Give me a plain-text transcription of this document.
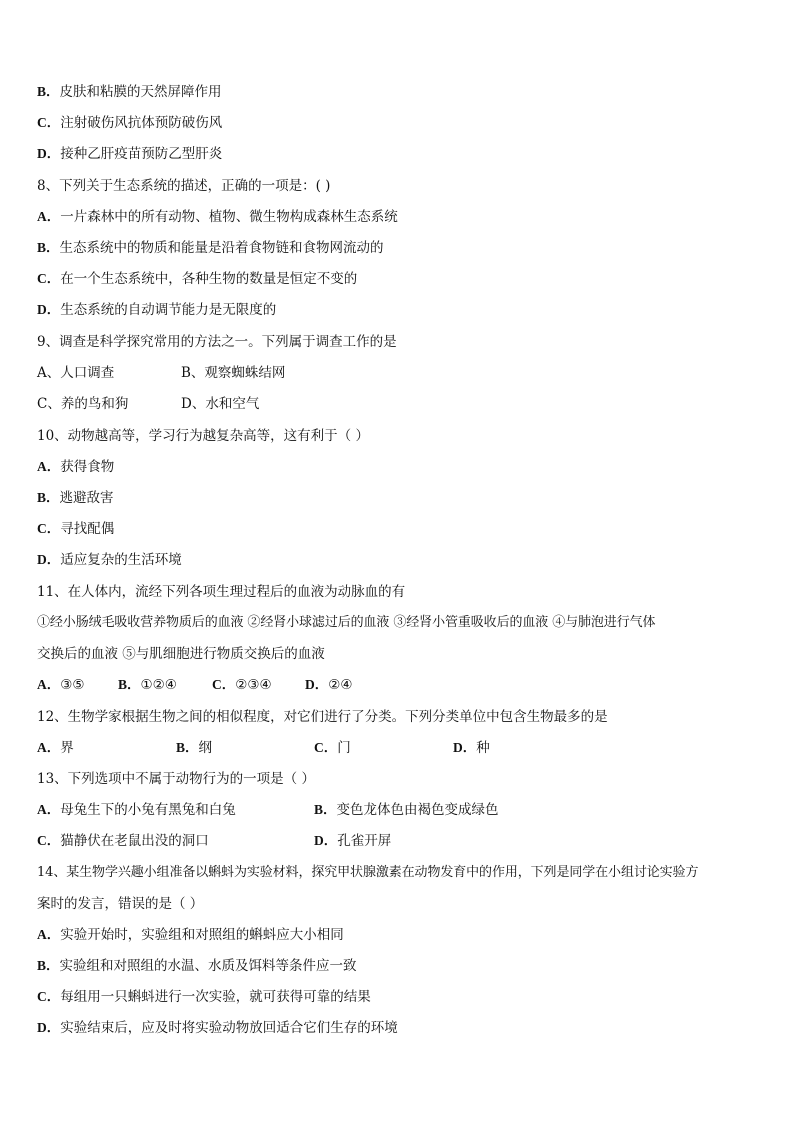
B．皮肤和粘膜的天然屏障作用
C．注射破伤风抗体预防破伤风
D．接种乙肝疫苗预防乙型肝炎
8、下列关于生态系统的描述，正确的一项是：( )
A．一片森林中的所有动物、植物、微生物构成森林生态系统
B．生态系统中的物质和能量是沿着食物链和食物网流动的
C．在一个生态系统中，各种生物的数量是恒定不变的
D．生态系统的自动调节能力是无限度的
9、调查是科学探究常用的方法之一。下列属于调查工作的是
A、人口调查	B、观察蜘蛛结网
C、养的鸟和狗	D、水和空气
10、动物越高等，学习行为越复杂高等，这有利于（ ）
A．获得食物
B．逃避敌害
C．寻找配偶
D．适应复杂的生活环境
11、在人体内，流经下列各项生理过程后的血液为动脉血的有
①经小肠绒毛吸收营养物质后的血液 ②经肾小球滤过后的血液 ③经肾小管重吸收后的血液 ④与肺泡进行气体
交换后的血液 ⑤与肌细胞进行物质交换后的血液
A．③⑤ B．①②④	C．②③④ D．②④
12、生物学家根据生物之间的相似程度，对它们进行了分类。下列分类单位中包含生物最多的是
A．界	B．纲	C．门	D．种
13、下列选项中不属于动物行为的一项是（ ）
A．母兔生下的小兔有黑兔和白兔	B．变色龙体色由褐色变成绿色
C．猫静伏在老鼠出没的洞口	D．孔雀开屏
14、某生物学兴趣小组准备以蝌蚪为实验材料，探究甲状腺激素在动物发育中的作用，下列是同学在小组讨论实验方
案时的发言，错误的是（ ）
A．实验开始时，实验组和对照组的蝌蚪应大小相同
B．实验组和对照组的水温、水质及饵料等条件应一致
C．每组用一只蝌蚪进行一次实验，就可获得可靠的结果
D．实验结束后，应及时将实验动物放回适合它们生存的环境
